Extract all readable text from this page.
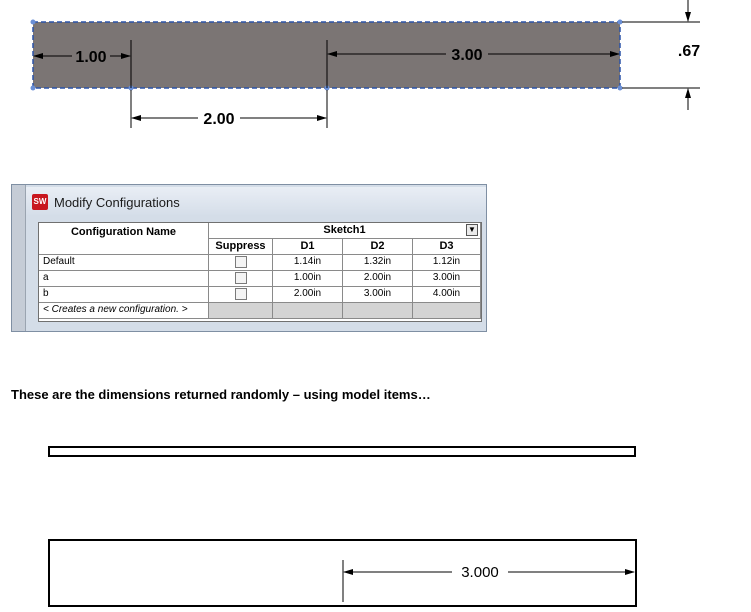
1.00	3.00	.67
2.00
SW Modify Configurations
Configuration Name	Sketch1	▼
Suppress	D1	D2	D3
Default	1.14in	1.32in	1.12in
a	1.00in	2.00in	3.00in
b	2.00in	3.00in	4.00in
< Creates a new configuration. >
These are the dimensions returned randomly – using model items…
3.000
